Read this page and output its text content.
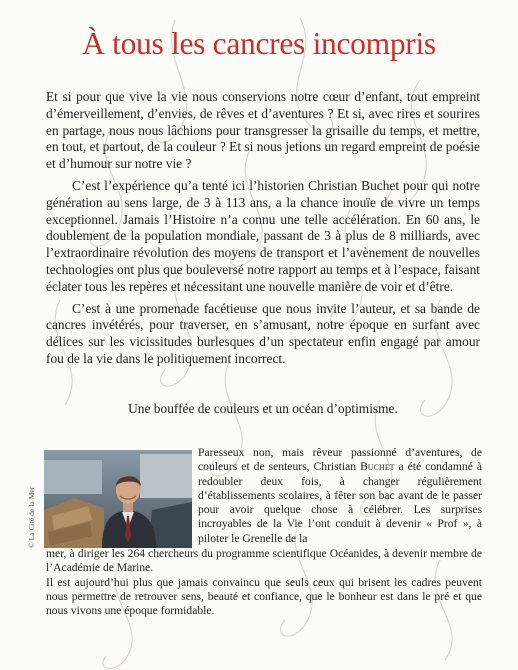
À tous les cancres incompris

Et si pour que vive la vie nous conservions notre cœur d’enfant, tout empreint d’émerveillement, d’envies, de rêves et d’aventures ? Et si, avec rires et sourires en partage, nous nous lâchions pour transgresser la grisaille du temps, et mettre, en tout, et partout, de la couleur ? Et si nous jetions un regard empreint de poésie et d’humour sur notre vie ?

C’est l’expérience qu’a tenté ici l’historien Christian Buchet pour qui notre génération au sens large, de 3 à 113 ans, a la chance inouïe de vivre un temps exceptionnel. Jamais l’Histoire n’a connu une telle accélération. En 60 ans, le doublement de la population mondiale, passant de 3 à plus de 8 milliards, avec l’extraordinaire révolution des moyens de transport et l’avènement de nouvelles technologies ont plus que bouleversé notre rapport au temps et à l’espace, faisant éclater tous les repères et nécessitant une nouvelle manière de voir et d’être.

C’est à une promenade facétieuse que nous invite l’auteur, et sa bande de cancres invétérés, pour traverser, en s’amusant, notre époque en surfant avec délices sur les vicissitudes burlesques d’un spectateur enfin engagé par amour fou de la vie dans le politiquement incorrect.

Une bouffée de couleurs et un océan d’optimisme.
© La Cité de la Mer

Paresseux non, mais rêveur passionné d’aventures, de couleurs et de senteurs, Christian Buchet a été condamné à redoubler deux fois, à changer régulièrement d’établissements scolaires, à fêter son bac avant de le passer pour avoir quelque chose à célébrer. Les surprises incroyables de la Vie l’ont conduit à devenir « Prof », à piloter le Grenelle de la

mer, à diriger les 264 chercheurs du programme scientifique Océanides, à devenir membre de l’Académie de Marine.

Il est aujourd’hui plus que jamais convaincu que seuls ceux qui brisent les cadres peuvent nous permettre de retrouver sens, beauté et confiance, que le bonheur est dans le pré et que nous vivons une époque formidable.
